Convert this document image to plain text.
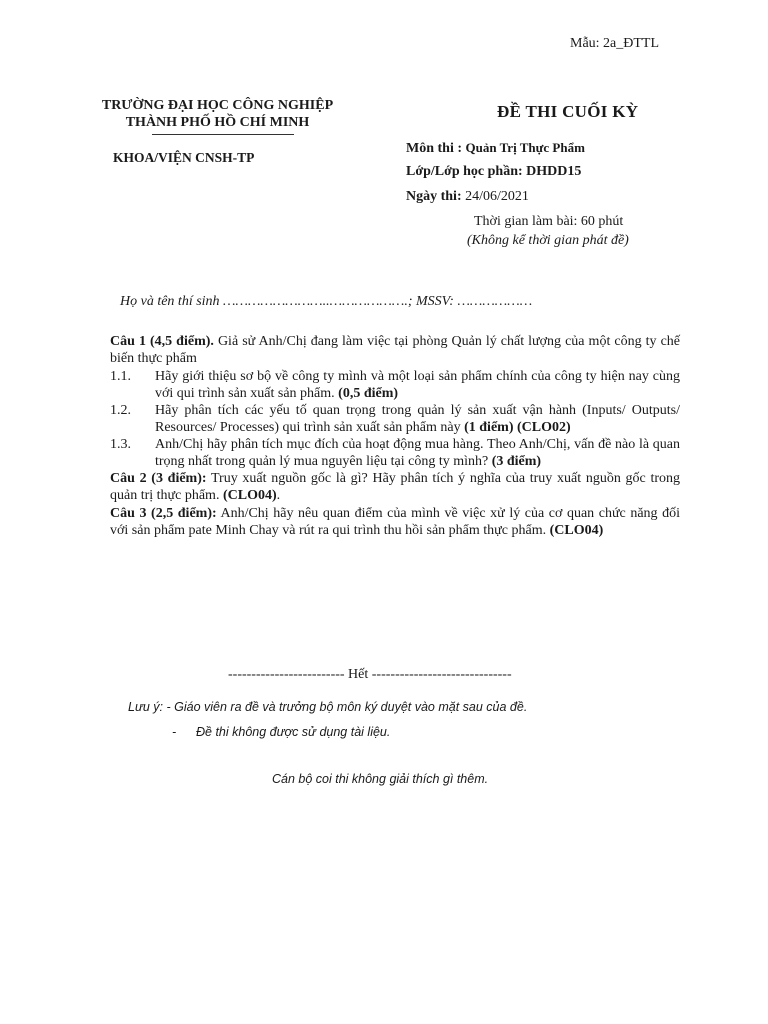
Mẫu: 2a_ĐTTL
TRƯỜNG ĐẠI HỌC CÔNG NGHIỆP
THÀNH PHỐ HỒ CHÍ MINH
KHOA/VIỆN CNSH-TP
ĐỀ THI CUỐI KỲ
Môn thi : Quản Trị Thực Phẩm
Lớp/Lớp học phần: DHDD15
Ngày thi: 24/06/2021
Thời gian làm bài: 60 phút
(Không kể thời gian phát đề)
Họ và tên thí sinh ……………………..……………….; MSSV: ………………

Câu 1 (4,5 điểm). Giả sử Anh/Chị đang làm việc tại phòng Quản lý chất lượng của một công ty chế biến thực phẩm

1.1.	Hãy giới thiệu sơ bộ về công ty mình và một loại sản phẩm chính của công ty hiện nay cùng với qui trình sản xuất sản phẩm. (0,5 điểm)
1.2.	Hãy phân tích các yếu tố quan trọng trong quản lý sản xuất vận hành (Inputs/ Outputs/ Resources/ Processes) qui trình sản xuất sản phẩm này (1 điểm) (CLO02)
1.3.	Anh/Chị hãy phân tích mục đích của hoạt động mua hàng. Theo Anh/Chị, vấn đề nào là quan trọng nhất trong quản lý mua nguyên liệu tại công ty mình? (3 điểm)

Câu 2 (3 điểm): Truy xuất nguồn gốc là gì? Hãy phân tích ý nghĩa của truy xuất nguồn gốc trong quản trị thực phẩm. (CLO04).

Câu 3 (2,5 điểm): Anh/Chị hãy nêu quan điểm của mình về việc xử lý của cơ quan chức năng đối với sản phẩm pate Minh Chay và rút ra qui trình thu hồi sản phẩm thực phẩm. (CLO04)

------------------------- Hết ------------------------------
Lưu ý: - Giáo viên ra đề và trưởng bộ môn ký duyệt vào mặt sau của đề.
- Đề thi không được sử dụng tài liệu.
Cán bộ coi thi không giải thích gì thêm.
